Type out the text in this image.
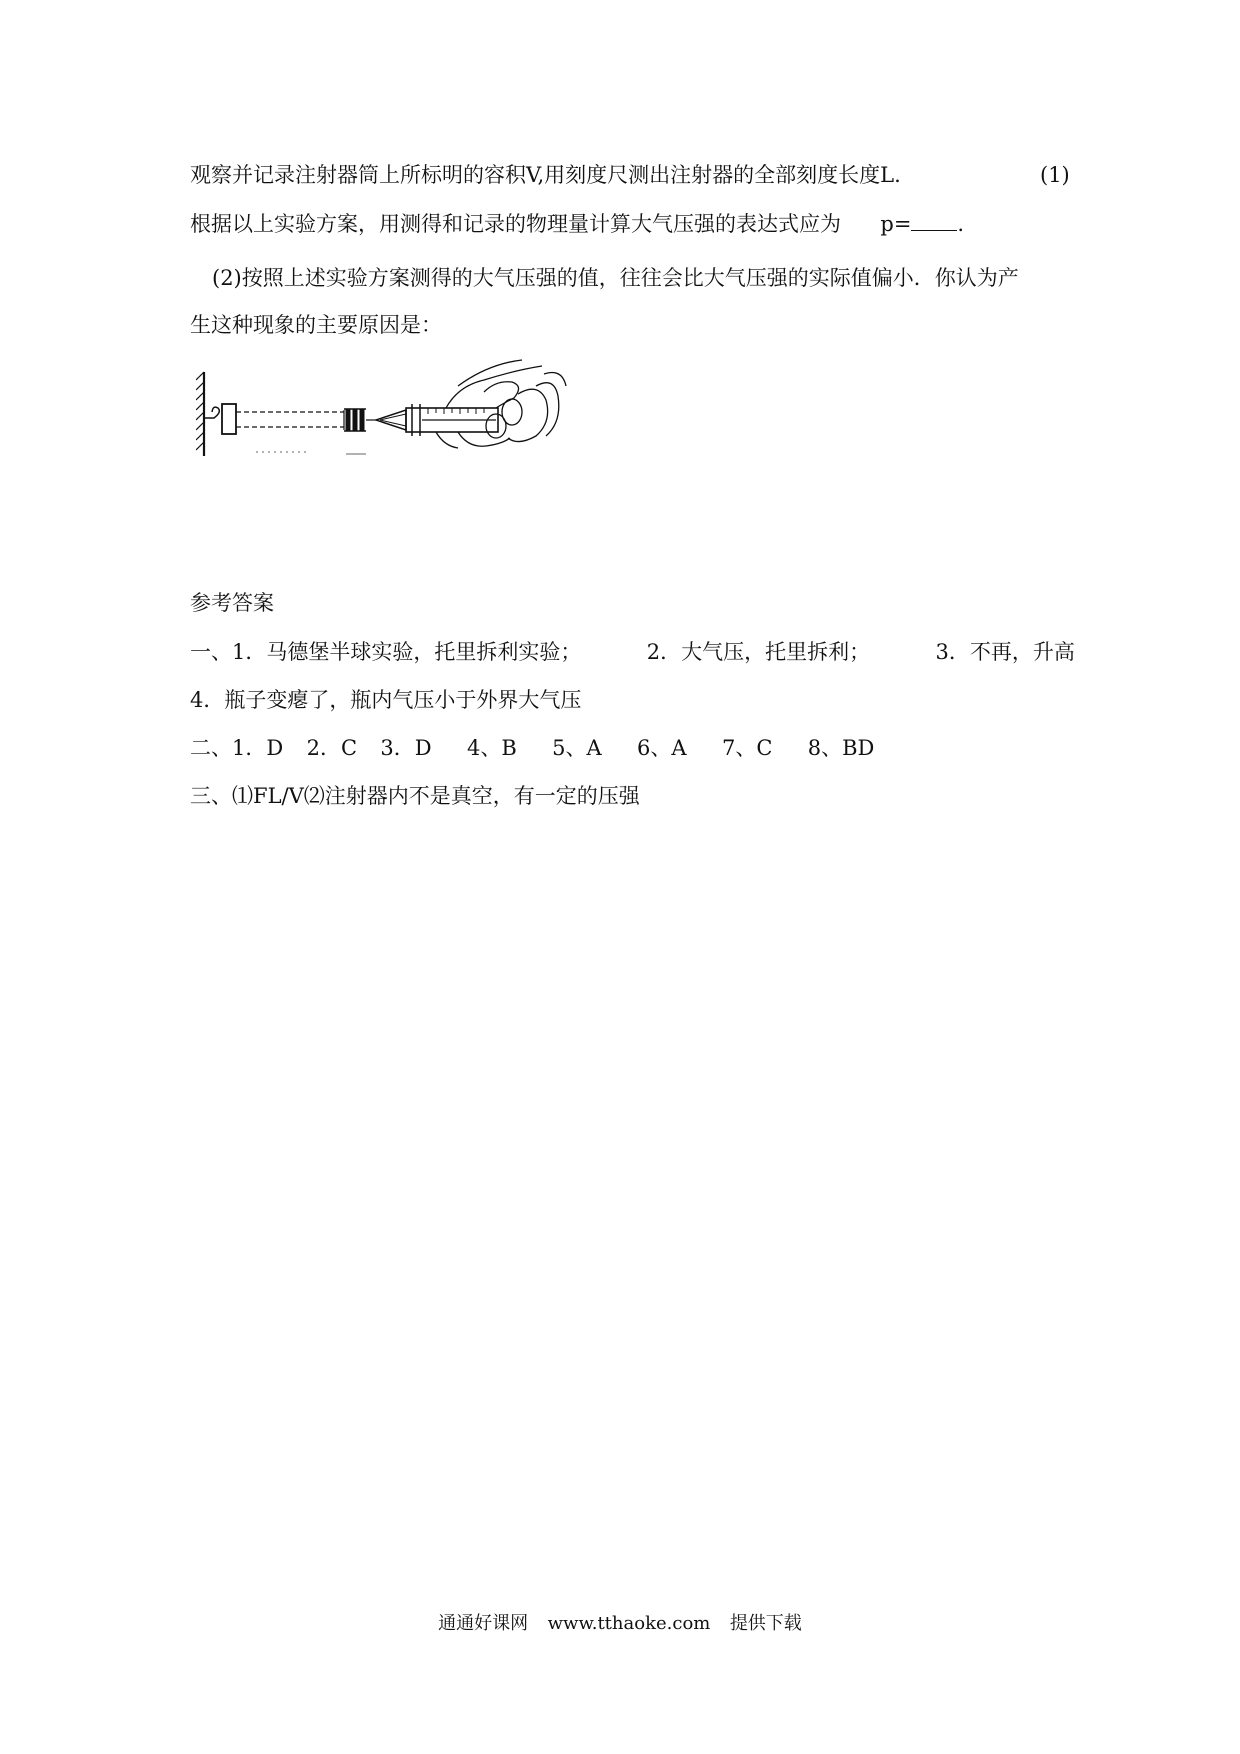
观察并记录注射器筒上所标明的容积V,用刻度尺测出注射器的全部刻度长度L.	(1)
根据以上实验方案，用测得和记录的物理量计算大气压强的表达式应为 p= .
(2)按照上述实验方案测得的大气压强的值，往往会比大气压强的实际值偏小．你认为产
生这种现象的主要原因是：
参考答案
一、1．马德堡半球实验，托里拆利实验；	2．大气压，托里拆利；	3．不再，升高
4．瓶子变瘪了，瓶内气压小于外界大气压
二、1．D 2．C 3．D 4、B 5、A 6、A 7、C 8、BD
三、⑴FL/V⑵注射器内不是真空，有一定的压强
通通好课网 www.tthaoke.com 提供下载
